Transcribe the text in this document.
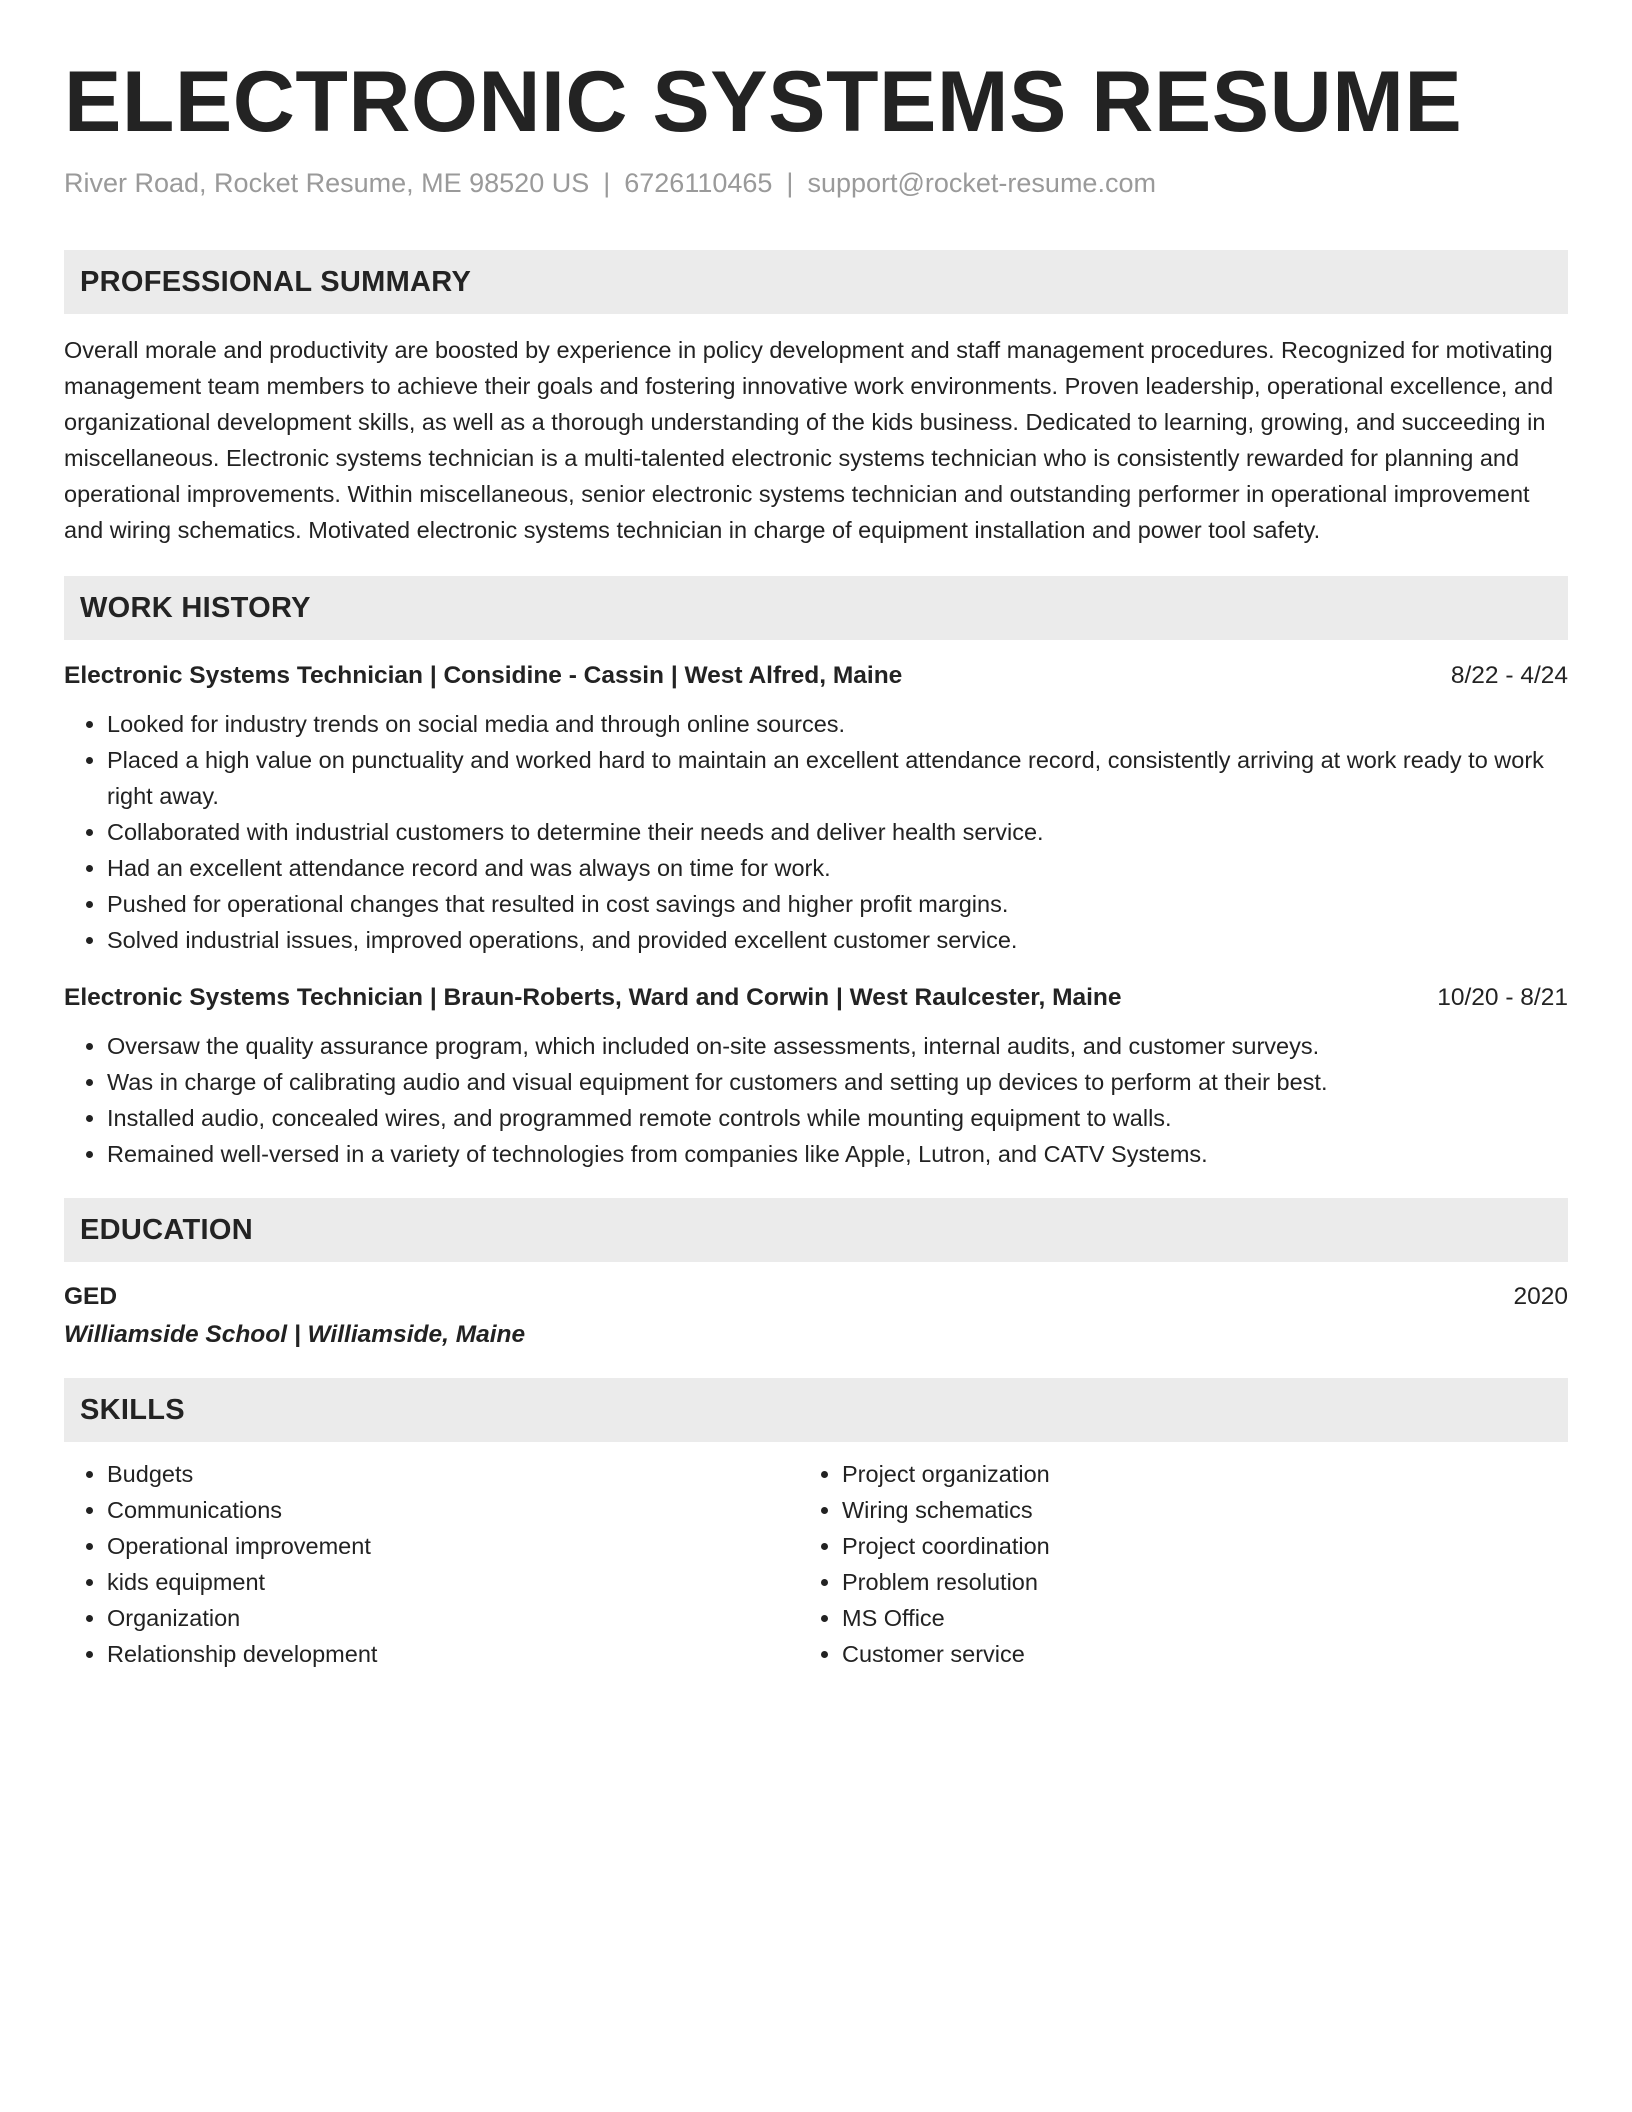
ELECTRONIC SYSTEMS RESUME
River Road, Rocket Resume, ME 98520 US | 6726110465 | support@rocket-resume.com
PROFESSIONAL SUMMARY
Overall morale and productivity are boosted by experience in policy development and staff management procedures. Recognized for motivating management team members to achieve their goals and fostering innovative work environments. Proven leadership, operational excellence, and organizational development skills, as well as a thorough understanding of the kids business. Dedicated to learning, growing, and succeeding in miscellaneous. Electronic systems technician is a multi-talented electronic systems technician who is consistently rewarded for planning and operational improvements. Within miscellaneous, senior electronic systems technician and outstanding performer in operational improvement and wiring schematics. Motivated electronic systems technician in charge of equipment installation and power tool safety.
WORK HISTORY
Electronic Systems Technician | Considine - Cassin | West Alfred, Maine	8/22 - 4/24
• Looked for industry trends on social media and through online sources.
• Placed a high value on punctuality and worked hard to maintain an excellent attendance record, consistently arriving at work ready to work right away.
• Collaborated with industrial customers to determine their needs and deliver health service.
• Had an excellent attendance record and was always on time for work.
• Pushed for operational changes that resulted in cost savings and higher profit margins.
• Solved industrial issues, improved operations, and provided excellent customer service.
Electronic Systems Technician | Braun-Roberts, Ward and Corwin | West Raulcester, Maine	10/20 - 8/21
• Oversaw the quality assurance program, which included on-site assessments, internal audits, and customer surveys.
• Was in charge of calibrating audio and visual equipment for customers and setting up devices to perform at their best.
• Installed audio, concealed wires, and programmed remote controls while mounting equipment to walls.
• Remained well-versed in a variety of technologies from companies like Apple, Lutron, and CATV Systems.
EDUCATION
GED	2020
Williamside School | Williamside, Maine
SKILLS
• Budgets
• Communications
• Operational improvement
• kids equipment
• Organization
• Relationship development
• Project organization
• Wiring schematics
• Project coordination
• Problem resolution
• MS Office
• Customer service
